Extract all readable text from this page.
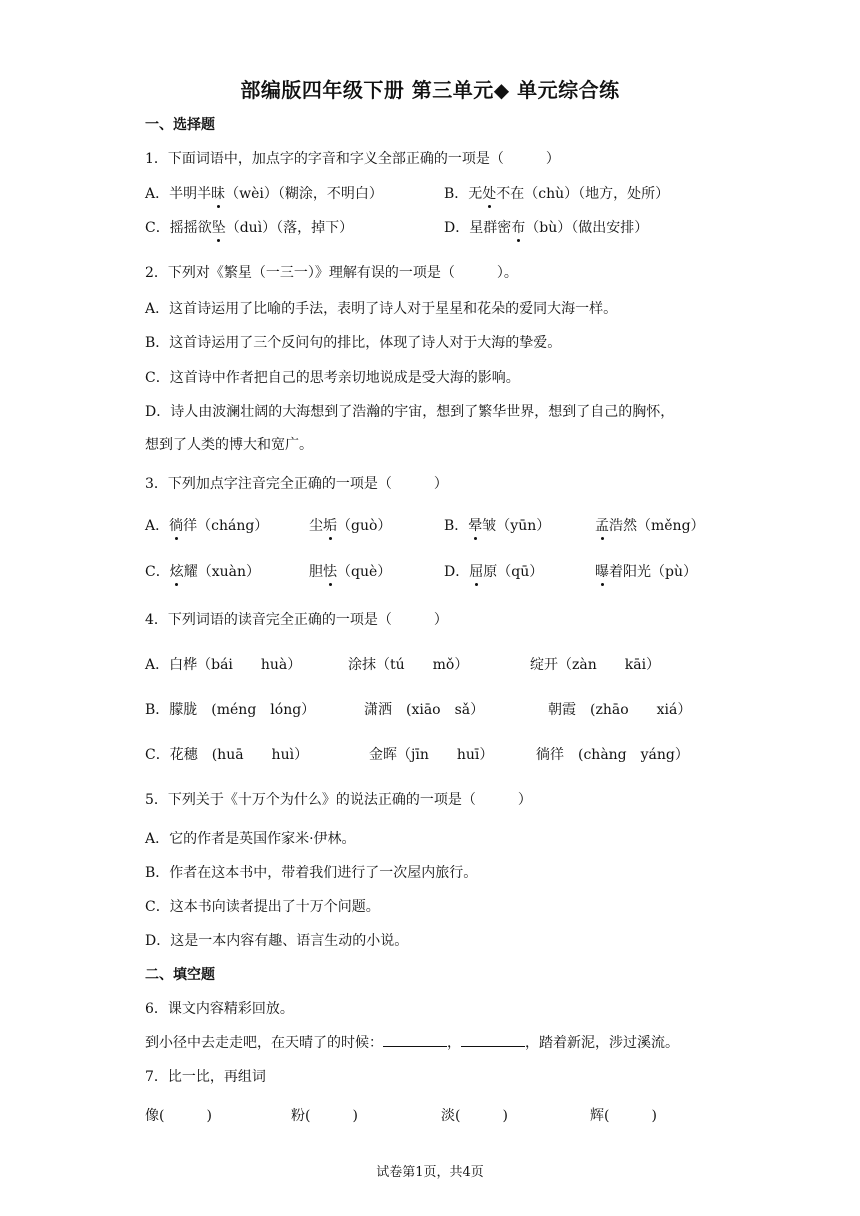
部编版四年级下册 第三单元◆ 单元综合练
一、选择题
1．下面词语中，加点字的字音和字义全部正确的一项是（　　　）
A．半明半昧（wèi）（糊涂，不明白）	B．无处不在（chù）（地方，处所）
C．摇摇欲坠（duì）（落，掉下）	D．星群密布（bù）（做出安排）
2．下列对《繁星（一三一）》理解有误的一项是（　　　）。
A．这首诗运用了比喻的手法，表明了诗人对于星星和花朵的爱同大海一样。
B．这首诗运用了三个反问句的排比，体现了诗人对于大海的挚爱。
C．这首诗中作者把自己的思考亲切地说成是受大海的影响。
D．诗人由波澜壮阔的大海想到了浩瀚的宇宙，想到了繁华世界，想到了自己的胸怀，
想到了人类的博大和宽广。
3．下列加点字注音完全正确的一项是（　　　）
A．徜徉（cháng）	尘垢（guò）	B．晕皱（yūn）	孟浩然（měng）
C．炫耀（xuàn）	胆怯（què）	D．屈原（qū）	曝着阳光（pù）
4．下列词语的读音完全正确的一项是（　　　）
A．白桦（bái　　huà）	涂抹（tú　　mǒ）	绽开（zàn　　kāi）
B．朦胧　(méng　lóng）	潇洒　(xiāo　sǎ）	朝霞　(zhāo　　xiá）
C．花穗　(huā　　huì）	金晖（jīn　　huī）	徜徉　(chàng　yáng）
5．下列关于《十万个为什么》的说法正确的一项是（　　　）
A．它的作者是英国作家米·伊林。
B．作者在这本书中，带着我们进行了一次屋内旅行。
C．这本书向读者提出了十万个问题。
D．这是一本内容有趣、语言生动的小说。
二、填空题
6．课文内容精彩回放。
到小径中去走走吧，在天晴了的时候：	，	，踏着新泥，涉过溪流。
7．比一比，再组词
像(　　　)	粉(　　　)	淡(　　　)	辉(　　　)
试卷第1页，共4页
